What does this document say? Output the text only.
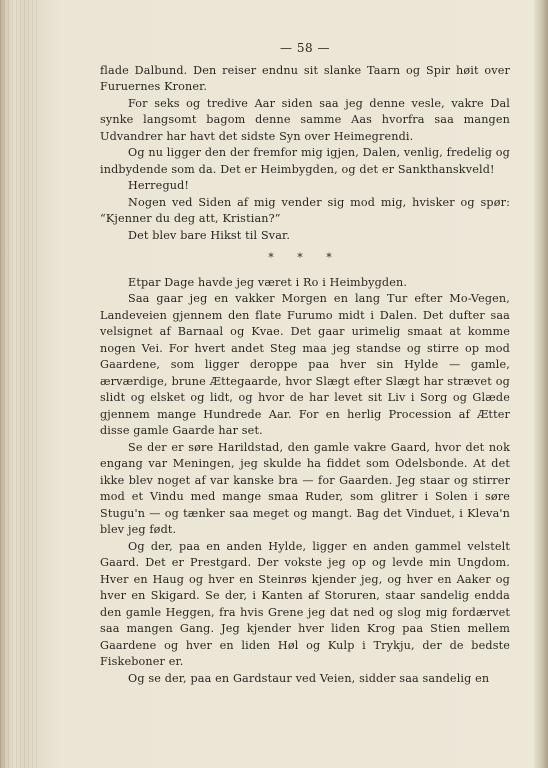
— 58 —

flade Dalbund. Den reiser endnu sit slanke Taarn og Spir høit over Furuernes Kroner.

For seks og tredive Aar siden saa jeg denne vesle, vakre Dal synke langsomt bagom denne samme Aas hvorfra saa mangen Udvandrer har havt det sidste Syn over Heimegrendi.

Og nu ligger den der fremfor mig igjen, Dalen, venlig, fredelig og indbydende som da. Det er Heimbygden, og det er Sankthanskveld!

Herregud!

Nogen ved Siden af mig vender sig mod mig, hvisker og spør: “Kjenner du deg att, Kristian?”

Det blev bare Hikst til Svar.

* * *

Etpar Dage havde jeg været i Ro i Heimbygden.

Saa gaar jeg en vakker Morgen en lang Tur efter Mo-Vegen, Landeveien gjennem den flate Furumo midt i Dalen. Det dufter saa velsignet af Barnaal og Kvae. Det gaar urimelig smaat at komme nogen Vei. For hvert andet Steg maa jeg standse og stirre op mod Gaardene, som ligger deroppe paa hver sin Hylde — gamle, ærværdige, brune Ættegaarde, hvor Slægt efter Slægt har strævet og slidt og elsket og lidt, og hvor de har levet sit Liv i Sorg og Glæde gjennem mange Hundrede Aar. For en herlig Procession af Ætter disse gamle Gaarde har set.

Se der er søre Harildstad, den gamle vakre Gaard, hvor det nok engang var Meningen, jeg skulde ha fiddet som Odelsbonde. At det ikke blev noget af var kanske bra — for Gaarden. Jeg staar og stirrer mod et Vindu med mange smaa Ruder, som glitrer i Solen i søre Stugu'n — og tænker saa meget og mangt. Bag det Vinduet, i Kleva'n blev jeg født.

Og der, paa en anden Hylde, ligger en anden gammel velstelt Gaard. Det er Prestgard. Der vokste jeg op og levde min Ungdom. Hver en Haug og hver en Steinrøs kjender jeg, og hver en Aaker og hver en Skigard. Se der, i Kanten af Storuren, staar sandelig endda den gamle Heggen, fra hvis Grene jeg dat ned og slog mig fordærvet saa mangen Gang. Jeg kjender hver liden Krog paa Stien mellem Gaardene og hver en liden Høl og Kulp i Trykju, der de bedste Fiskeboner er.

Og se der, paa en Gardstaur ved Veien, sidder saa sandelig en
